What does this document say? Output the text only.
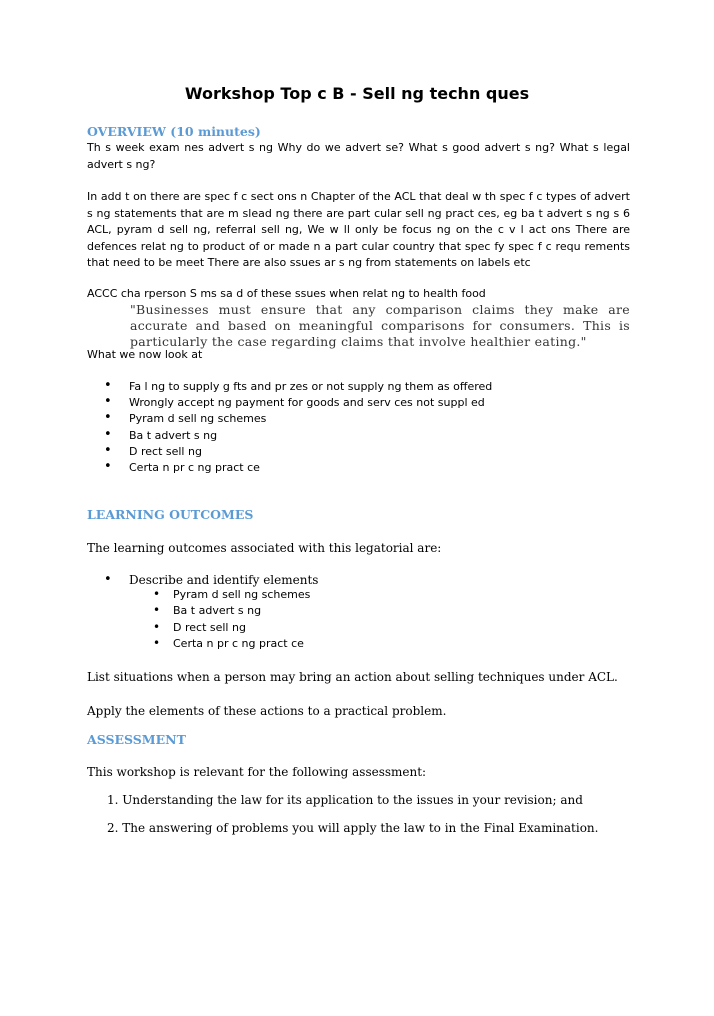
Workshop Top c B - Sell ng techn ques
OVERVIEW (10 minutes)
Th s week exam nes advert s ng Why do we advert se? What s good advert s ng? What s legal advert s ng?
In add t on there are spec f c sect ons n Chapter of the ACL that deal w th spec f c types of advert s ng statements that are m slead ng there are part cular sell ng pract ces, eg ba t advert s ng s 6 ACL, pyram d sell ng, referral sell ng, We w ll only be focus ng on the c v l act ons There are defences relat ng to product of or made n a part cular country that spec fy spec f c requ rements that need to be meet There are also ssues ar s ng from statements on labels etc
ACCC cha rperson S ms sa d of these ssues when relat ng to health food
"Businesses must ensure that any comparison claims they make are accurate and based on meaningful comparisons for consumers. This is particularly the case regarding claims that involve healthier eating."
What we now look at
• Fa l ng to supply g fts and pr zes or not supply ng them as offered
• Wrongly accept ng payment for goods and serv ces not suppl ed
• Pyram d sell ng schemes
• Ba t advert s ng
• D rect sell ng
• Certa n pr c ng pract ce
LEARNING OUTCOMES
The learning outcomes associated with this legatorial are:
• Describe and identify elements
• Pyram d sell ng schemes
• Ba t advert s ng
• D rect sell ng
• Certa n pr c ng pract ce
List situations when a person may bring an action about selling techniques under ACL.
Apply the elements of these actions to a practical problem.
ASSESSMENT
This workshop is relevant for the following assessment:
1. Understanding the law for its application to the issues in your revision; and
2. The answering of problems you will apply the law to in the Final Examination.
